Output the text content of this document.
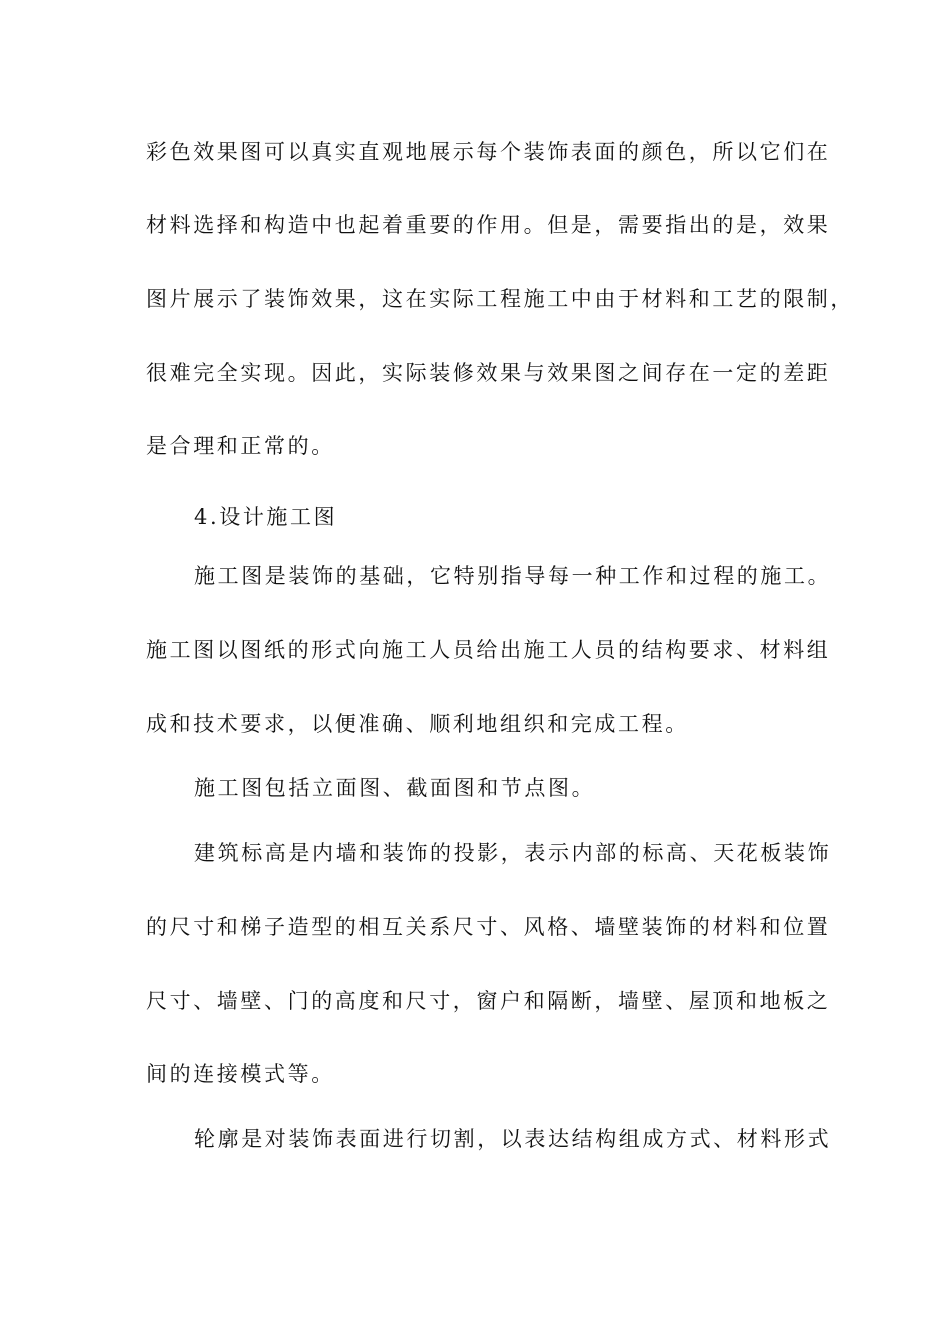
彩色效果图可以真实直观地展示每个装饰表面的颜色，所以它们在
材料选择和构造中也起着重要的作用。但是，需要指出的是，效果
图片展示了装饰效果，这在实际工程施工中由于材料和工艺的限制，
很难完全实现。因此，实际装修效果与效果图之间存在一定的差距
是合理和正常的。
4.设计施工图
施工图是装饰的基础，它特别指导每一种工作和过程的施工。
施工图以图纸的形式向施工人员给出施工人员的结构要求、材料组
成和技术要求，以便准确、顺利地组织和完成工程。
施工图包括立面图、截面图和节点图。
建筑标高是内墙和装饰的投影，表示内部的标高、天花板装饰
的尺寸和梯子造型的相互关系尺寸、风格、墙壁装饰的材料和位置
尺寸、墙壁、门的高度和尺寸，窗户和隔断，墙壁、屋顶和地板之
间的连接模式等。
轮廓是对装饰表面进行切割，以表达结构组成方式、材料形式
